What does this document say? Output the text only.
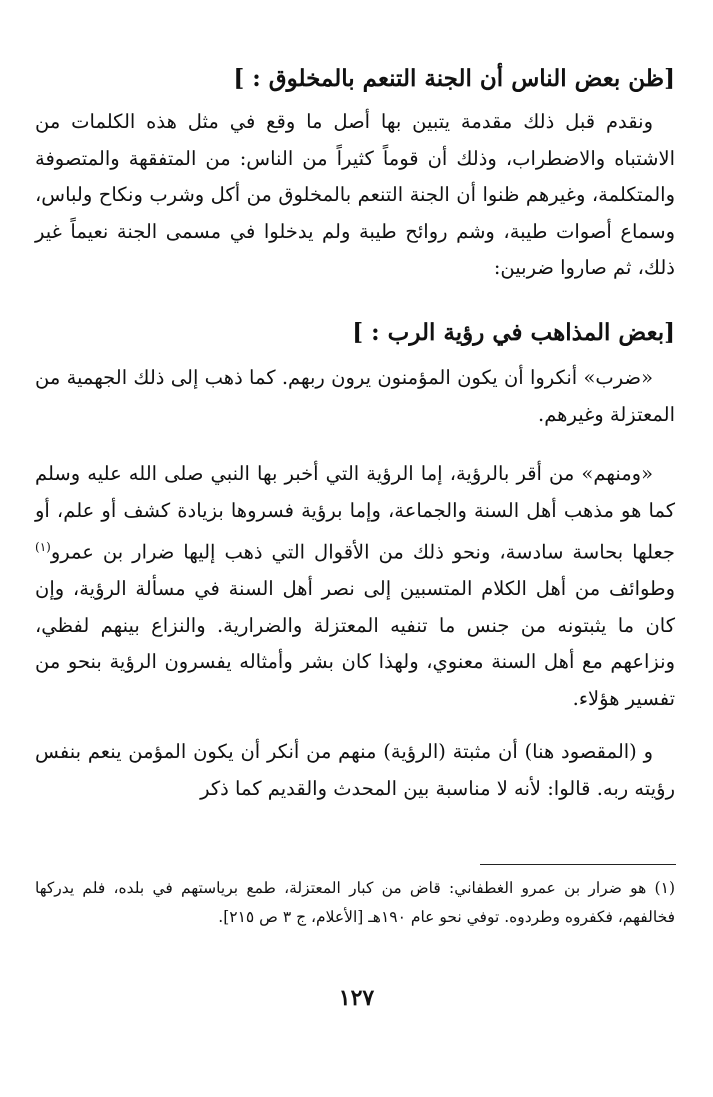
[ظن بعض الناس أن الجنة التنعم بالمخلوق : ]

ونقدم قبل ذلك مقدمة يتبين بها أصل ما وقع في مثل هذه الكلمات من الاشتباه والاضطراب، وذلك أن قوماً كثيراً من الناس: من المتفقهة والمتصوفة والمتكلمة، وغيرهم ظنوا أن الجنة التنعم بالمخلوق من أكل وشرب ونكاح ولباس، وسماع أصوات طيبة، وشم روائح طيبة ولم يدخلوا في مسمى الجنة نعيماً غير ذلك، ثم صاروا ضربين:

[بعض المذاهب في رؤية الرب : ]

«ضرب» أنكروا أن يكون المؤمنون يرون ربهم. كما ذهب إلى ذلك الجهمية من المعتزلة وغيرهم.

«ومنهم» من أقر بالرؤية، إما الرؤية التي أخبر بها النبي صلى الله عليه وسلم كما هو مذهب أهل السنة والجماعة، وإما برؤية فسروها بزيادة كشف أو علم، أو جعلها بحاسة سادسة، ونحو ذلك من الأقوال التي ذهب إليها ضرار بن عمرو$^{(١)}$ وطوائف من أهل الكلام المتسبين إلى نصر أهل السنة في مسألة الرؤية، وإن كان ما يثبتونه من جنس ما تنفيه المعتزلة والضرارية. والنزاع بينهم لفظي، ونزاعهم مع أهل السنة معنوي، ولهذا كان بشر وأمثاله يفسرون الرؤية بنحو من تفسير هؤلاء.

و (المقصود هنا) أن مثبتة (الرؤية) منهم من أنكر أن يكون المؤمن ينعم بنفس رؤيته ربه. قالوا: لأنه لا مناسبة بين المحدث والقديم كما ذكر

(١) هو ضرار بن عمرو الغطفاني: قاض من كبار المعتزلة، طمع برياستهم في بلده، فلم يدركها فخالفهم، فكفروه وطردوه. توفي نحو عام ١٩٠هـ [الأعلام، ج ٣ ص ٢١٥].

١٢٧
